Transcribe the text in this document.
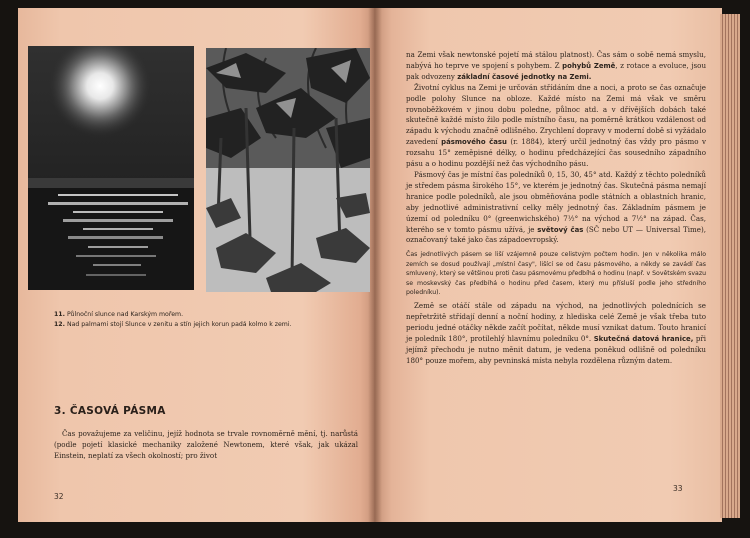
11. Půlnoční slunce nad Karským mořem.
12. Nad palmami stojí Slunce v zenitu a stín jejich korun padá kolmo k zemi.
3. ČASOVÁ PÁSMA

Čas považujeme za veličinu, jejíž hodnota se trvale rovnoměrně mění, tj. narůstá (podle pojetí klasické mechaniky založené Newtonem, které však, jak ukázal Einstein, neplatí za všech okolností; pro život

32

na Zemi však newtonské pojetí má stálou platnost). Čas sám o sobě nemá smyslu, nabývá ho teprve ve spojení s pohybem. Z pohybů Země, z rotace a evoluce, jsou pak odvozeny základní časové jednotky na Zemi.

Životní cyklus na Zemi je určován střídáním dne a noci, a proto se čas označuje podle polohy Slunce na obloze. Každé místo na Zemi má však ve směru rovnoběžkovém v jinou dobu poledne, půlnoc atd. a v dřívějších dobách také skutečně každé místo žilo podle místního času, na poměrně krátkou vzdálenost od západu k východu značně odlišného. Zrychlení dopravy v moderní době si vyžádalo zavedení pásmového času (r. 1884), který určil jednotný čas vždy pro pásmo v rozsahu 15° zeměpisné délky, o hodinu předcházející čas sousedního západního pásu a o hodinu pozdější než čas východního pásu.

Pásmový čas je místní čas poledníků 0, 15, 30, 45° atd. Každý z těchto poledníků je středem pásma širokého 15°, ve kterém je jednotný čas. Skutečná pásma nemají hranice podle poledníků, ale jsou obměňována podle státních a oblastních hranic, aby jednotlivé administrativní celky měly jednotný čas. Základním pásmem je území od poledníku 0° (greenwichského) 7½° na východ a 7½° na západ. Čas, kterého se v tomto pásmu užívá, je světový čas (SČ nebo UT — Universal Time), označovaný také jako čas západoevropský.

Čas jednotlivých pásem se liší vzájemně pouze celistvým počtem hodin. Jen v několika málo zemích se dosud používají „místní časy", lišící se od času pásmového, a někdy se zavádí čas smluvený, který se většinou proti času pásmovému předbíhá o hodinu (např. v Sovětském svazu se moskevský čas předbíhá o hodinu před časem, který mu přísluší podle jeho středního poledníku).

Země se otáčí stále od západu na východ, na jednotlivých polednících se nepřetržitě střídají denní a noční hodiny, z hlediska celé Země je však třeba tuto periodu jedné otáčky někde začít počítat, někde musí vznikat datum. Touto hranicí je poledník 180°, protilehlý hlavnímu poledníku 0°. Skutečná datová hranice, při jejímž přechodu je nutno měnit datum, je vedena poněkud odlišně od poledníku 180° pouze mořem, aby pevninská místa nebyla rozdělena různým datem.

33
